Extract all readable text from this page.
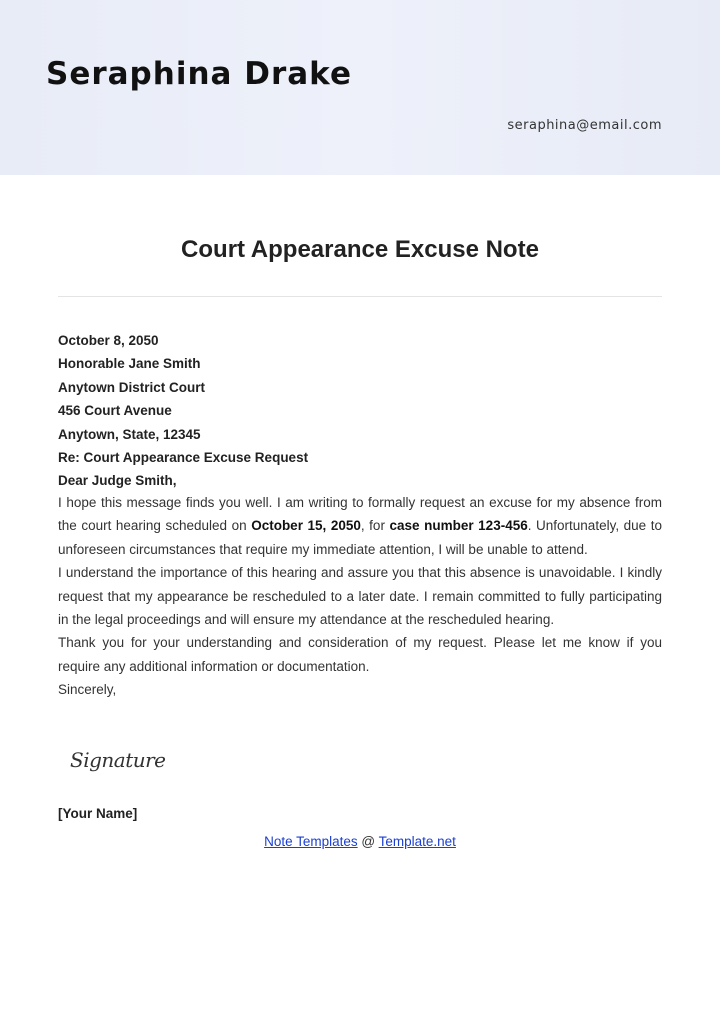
Seraphina Drake
seraphina@email.com
Court Appearance Excuse Note
October 8, 2050
Honorable Jane Smith
Anytown District Court
456 Court Avenue
Anytown, State, 12345
Re: Court Appearance Excuse Request
Dear Judge Smith,

I hope this message finds you well. I am writing to formally request an excuse for my absence from the court hearing scheduled on October 15, 2050, for case number 123-456. Unfortunately, due to unforeseen circumstances that require my immediate attention, I will be unable to attend.

I understand the importance of this hearing and assure you that this absence is unavoidable. I kindly request that my appearance be rescheduled to a later date. I remain committed to fully participating in the legal proceedings and will ensure my attendance at the rescheduled hearing.

Thank you for your understanding and consideration of my request. Please let me know if you require any additional information or documentation.

Sincerely,

Signature
[Your Name]
Note Templates @ Template.net
